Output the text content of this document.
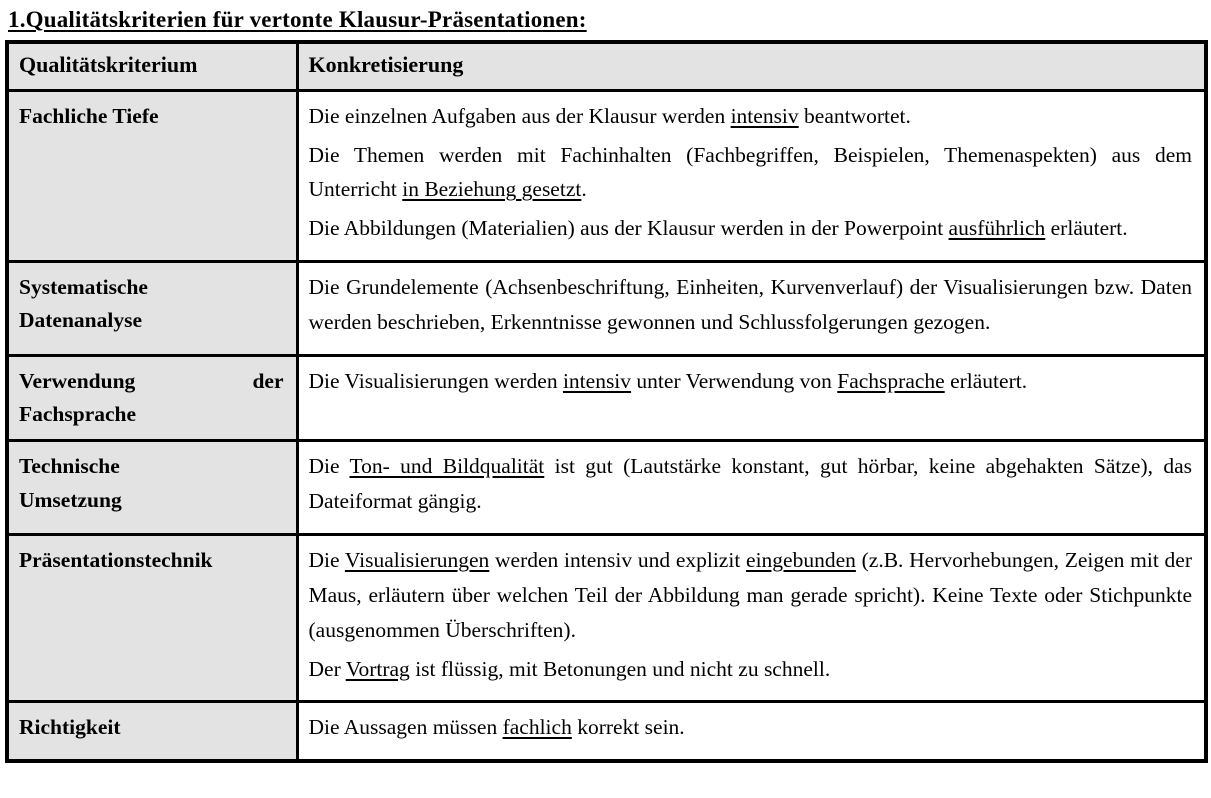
1.Qualitätskriterien für vertonte Klausur-Präsentationen:
Qualitätskriterium	Konkretisierung

Fachliche Tiefe	Die einzelnen Aufgaben aus der Klausur werden intensiv beantwortet.

Die Themen werden mit Fachinhalten (Fachbegriffen, Beispielen, Themenaspekten) aus dem Unterricht in Beziehung gesetzt.

Die Abbildungen (Materialien) aus der Klausur werden in der Powerpoint ausführlich erläutert.

Systematische
Datenanalyse	Die Grundelemente (Achsenbeschriftung, Einheiten, Kurvenverlauf) der Visualisierungen bzw. Daten werden beschrieben, Erkenntnisse gewonnen und Schlussfolgerungen gezogen.

Verwendung der
Fachsprache	Die Visualisierungen werden intensiv unter Verwendung von Fachsprache erläutert.

Technische
Umsetzung	Die Ton- und Bildqualität ist gut (Lautstärke konstant, gut hörbar, keine abgehakten Sätze), das Dateiformat gängig.

Präsentationstechnik	Die Visualisierungen werden intensiv und explizit eingebunden (z.B. Hervorhebungen, Zeigen mit der Maus, erläutern über welchen Teil der Abbildung man gerade spricht). Keine Texte oder Stichpunkte (ausgenommen Überschriften).

Der Vortrag ist flüssig, mit Betonungen und nicht zu schnell.

Richtigkeit	Die Aussagen müssen fachlich korrekt sein.
